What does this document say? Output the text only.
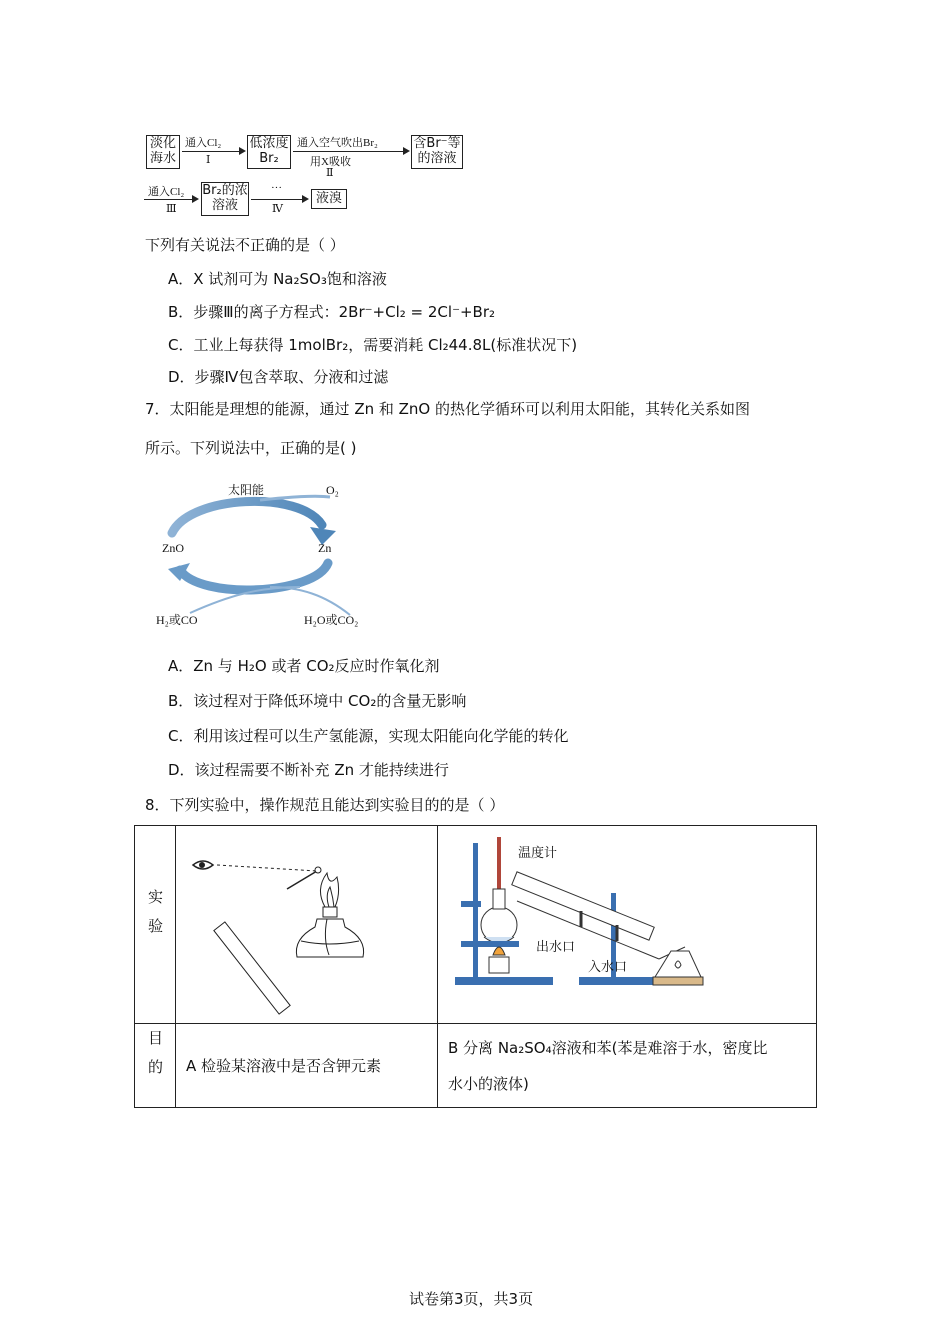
淡化海水
通入Cl₂
Ⅰ
低浓度Br₂
通入空气吹出Br₂
用X吸收
Ⅱ
含Br⁻等的溶液
通入Cl₂
Ⅲ
Br₂的浓溶液
···
Ⅳ
液溴
下列有关说法不正确的是（ ）
A．X 试剂可为 Na₂SO₃饱和溶液
B．步骤Ⅲ的离子方程式：2Br⁻+Cl₂ = 2Cl⁻+Br₂
C．工业上每获得 1molBr₂，需要消耗 Cl₂44.8L(标准状况下)
D．步骤Ⅳ包含萃取、分液和过滤
7．太阳能是理想的能源，通过 Zn 和 ZnO 的热化学循环可以利用太阳能，其转化关系如图
所示。下列说法中，正确的是( )
太阳能	O₂
ZnO	Zn
H₂或CO	H₂O或CO₂
A．Zn 与 H₂O 或者 CO₂反应时作氧化剂
B．该过程对于降低环境中 CO₂的含量无影响
C．利用该过程可以生产氢能源，实现太阳能向化学能的转化
D．该过程需要不断补充 Zn 才能持续进行
8．下列实验中，操作规范且能达到实验目的的是（ ）
实验		温度计
出水口
入水口

目的	A 检验某溶液中是否含钾元素	B 分离 Na₂SO₄溶液和苯(苯是难溶于水，密度比
水小的液体)
试卷第3页，共3页
